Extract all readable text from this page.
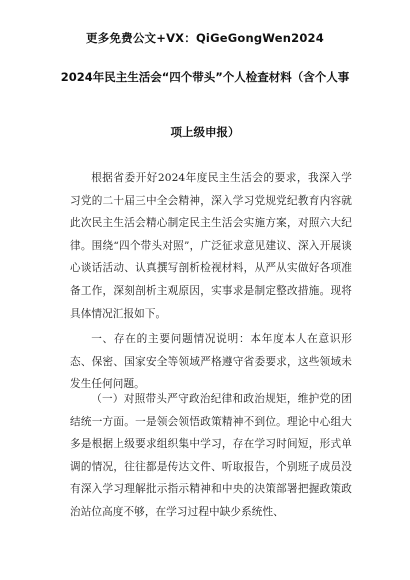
更多免费公文+VX：QiGeGongWen2024
2024年民主生活会“四个带头”个人检查材料（含个人事
项上级申报）

根据省委开好2024年度民主生活会的要求，我深入学习党的二十届三中全会精神，深入学习党规党纪教育内容就此次民主生活会精心制定民主生活会实施方案，对照六大纪律。围绕“四个带头对照”，广泛征求意见建议、深入开展谈心谈话活动、认真撰写剖析检视材料，从严从实做好各项准备工作，深刻剖析主观原因，实事求是制定整改措施。现将具体情况汇报如下。

一、存在的主要问题情况说明：本年度本人在意识形态、保密、国家安全等领域严格遵守省委要求，这些领域未发生任何问题。

（一）对照带头严守政治纪律和政治规矩，维护党的团结统一方面。一是领会领悟政策精神不到位。理论中心组大多是根据上级要求组织集中学习，存在学习时间短，形式单调的情况，往往都是传达文件、听取报告，个别班子成员没有深入学习理解批示指示精神和中央的决策部署把握政策政治站位高度不够，在学习过程中缺少系统性、
